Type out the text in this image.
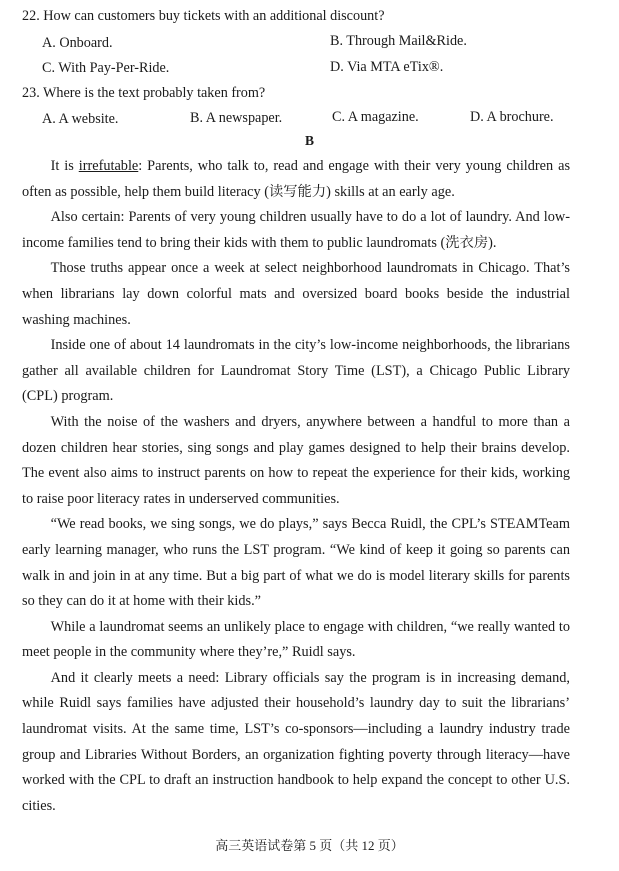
22. How can customers buy tickets with an additional discount?
A. Onboard.	B. Through Mail&Ride.
C. With Pay-Per-Ride.	D. Via MTA eTix®.
23. Where is the text probably taken from?
A. A website.	B. A newspaper.	C. A magazine.	D. A brochure.
B

It is irrefutable: Parents, who talk to, read and engage with their very young children as often as possible, help them build literacy (读写能力) skills at an early age.

Also certain: Parents of very young children usually have to do a lot of laundry. And low-income families tend to bring their kids with them to public laundromats (洗衣房).

Those truths appear once a week at select neighborhood laundromats in Chicago. That’s when librarians lay down colorful mats and oversized board books beside the industrial washing machines.

Inside one of about 14 laundromats in the city’s low-income neighborhoods, the librarians gather all available children for Laundromat Story Time (LST), a Chicago Public Library (CPL) program.

With the noise of the washers and dryers, anywhere between a handful to more than a dozen children hear stories, sing songs and play games designed to help their brains develop. The event also aims to instruct parents on how to repeat the experience for their kids, working to raise poor literacy rates in underserved communities.

“We read books, we sing songs, we do plays,” says Becca Ruidl, the CPL’s STEAMTeam early learning manager, who runs the LST program. “We kind of keep it going so parents can walk in and join in at any time. But a big part of what we do is model literary skills for parents so they can do it at home with their kids.”

While a laundromat seems an unlikely place to engage with children, “we really wanted to meet people in the community where they’re,” Ruidl says.

And it clearly meets a need: Library officials say the program is in increasing demand, while Ruidl says families have adjusted their household’s laundry day to suit the librarians’ laundromat visits. At the same time, LST’s co-sponsors—including a laundry industry trade group and Libraries Without Borders, an organization fighting poverty through literacy—have worked with the CPL to draft an instruction handbook to help expand the concept to other U.S. cities.

高三英语试卷第 5 页（共 12 页）
